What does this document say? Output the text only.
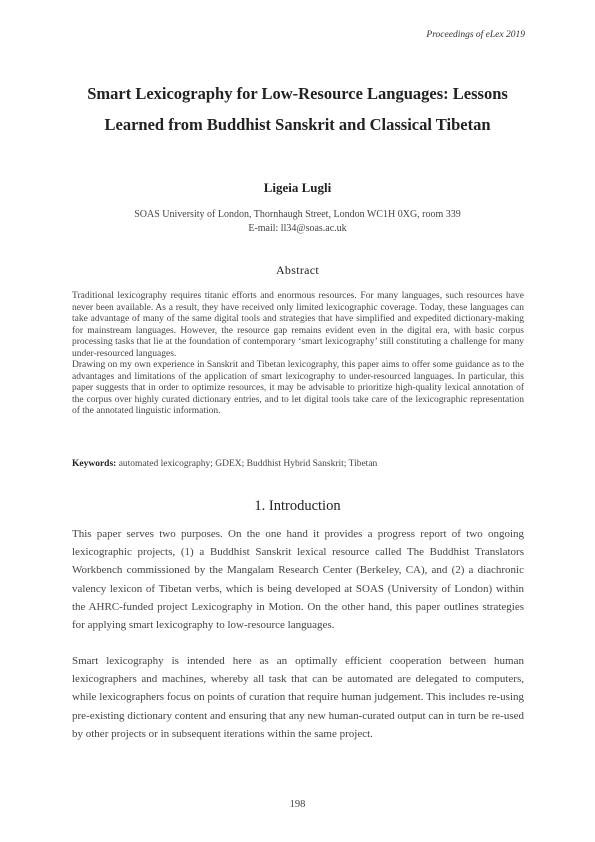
Proceedings of eLex 2019
Smart Lexicography for Low-Resource Languages: Lessons Learned from Buddhist Sanskrit and Classical Tibetan
Ligeia Lugli
SOAS University of London, Thornhaugh Street, London WC1H 0XG, room 339
E-mail: ll34@soas.ac.uk
Abstract

Traditional lexicography requires titanic efforts and enormous resources. For many languages, such resources have never been available. As a result, they have received only limited lexicographic coverage. Today, these languages can take advantage of many of the same digital tools and strategies that have simplified and expedited dictionary-making for mainstream languages. However, the resource gap remains evident even in the digital era, with basic corpus processing tasks that lie at the foundation of contemporary ‘smart lexicography’ still constituting a challenge for many under-resourced languages.

Drawing on my own experience in Sanskrit and Tibetan lexicography, this paper aims to offer some guidance as to the advantages and limitations of the application of smart lexicography to under-resourced languages. In particular, this paper suggests that in order to optimize resources, it may be advisable to prioritize high-quality lexical annotation of the corpus over highly curated dictionary entries, and to let digital tools take care of the lexicographic representation of the annotated linguistic information.

Keywords: automated lexicography; GDEX; Buddhist Hybrid Sanskrit; Tibetan
1. Introduction

This paper serves two purposes. On the one hand it provides a progress report of two ongoing lexicographic projects, (1) a Buddhist Sanskrit lexical resource called The Buddhist Translators Workbench commissioned by the Mangalam Research Center (Berkeley, CA), and (2) a diachronic valency lexicon of Tibetan verbs, which is being developed at SOAS (University of London) within the AHRC-funded project Lexicography in Motion. On the other hand, this paper outlines strategies for applying smart lexicography to low-resource languages.

Smart lexicography is intended here as an optimally efficient cooperation between human lexicographers and machines, whereby all task that can be automated are delegated to computers, while lexicographers focus on points of curation that require human judgement. This includes re-using pre-existing dictionary content and ensuring that any new human-curated output can in turn be re-used by other projects or in subsequent iterations within the same project.

198
